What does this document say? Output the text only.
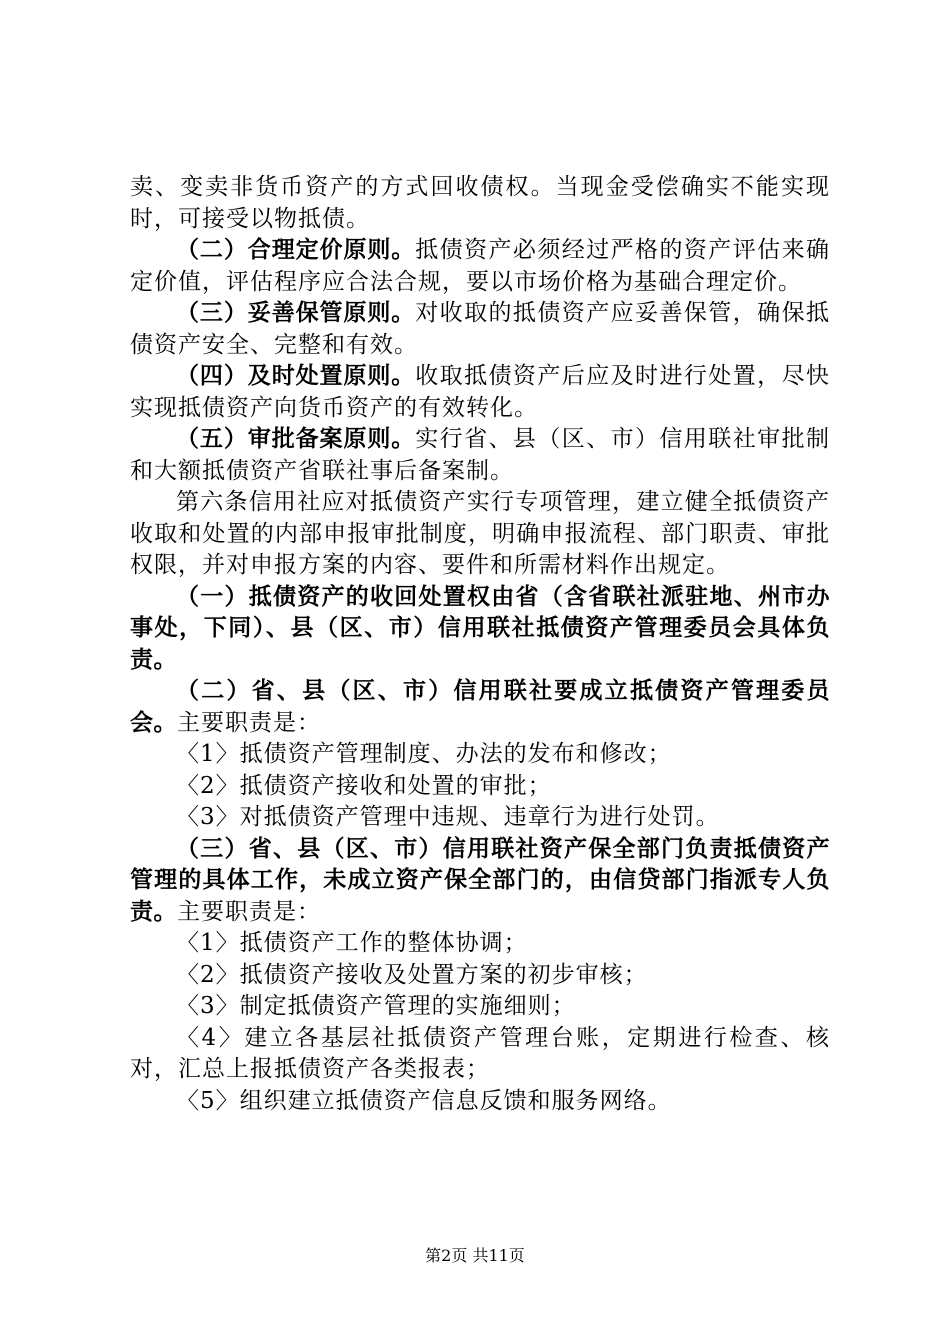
卖、变卖非货币资产的方式回收债权。当现金受偿确实不能实现时，可接受以物抵债。

（二）合理定价原则。抵债资产必须经过严格的资产评估来确定价值，评估程序应合法合规，要以市场价格为基础合理定价。

（三）妥善保管原则。对收取的抵债资产应妥善保管，确保抵债资产安全、完整和有效。

（四）及时处置原则。收取抵债资产后应及时进行处置，尽快实现抵债资产向货币资产的有效转化。

（五）审批备案原则。实行省、县（区、市）信用联社审批制和大额抵债资产省联社事后备案制。

第六条信用社应对抵债资产实行专项管理，建立健全抵债资产收取和处置的内部申报审批制度，明确申报流程、部门职责、审批权限，并对申报方案的内容、要件和所需材料作出规定。

（一）抵债资产的收回处置权由省（含省联社派驻地、州市办事处，下同）、县（区、市）信用联社抵债资产管理委员会具体负责。

（二）省、县（区、市）信用联社要成立抵债资产管理委员会。主要职责是：

〈1〉抵债资产管理制度、办法的发布和修改；

〈2〉抵债资产接收和处置的审批；

〈3〉对抵债资产管理中违规、违章行为进行处罚。

（三）省、县（区、市）信用联社资产保全部门负责抵债资产管理的具体工作，未成立资产保全部门的，由信贷部门指派专人负责。主要职责是：

〈1〉抵债资产工作的整体协调；

〈2〉抵债资产接收及处置方案的初步审核；

〈3〉制定抵债资产管理的实施细则；

〈4〉建立各基层社抵债资产管理台账，定期进行检查、核对，汇总上报抵债资产各类报表；

〈5〉组织建立抵债资产信息反馈和服务网络。

第2页 共11页
